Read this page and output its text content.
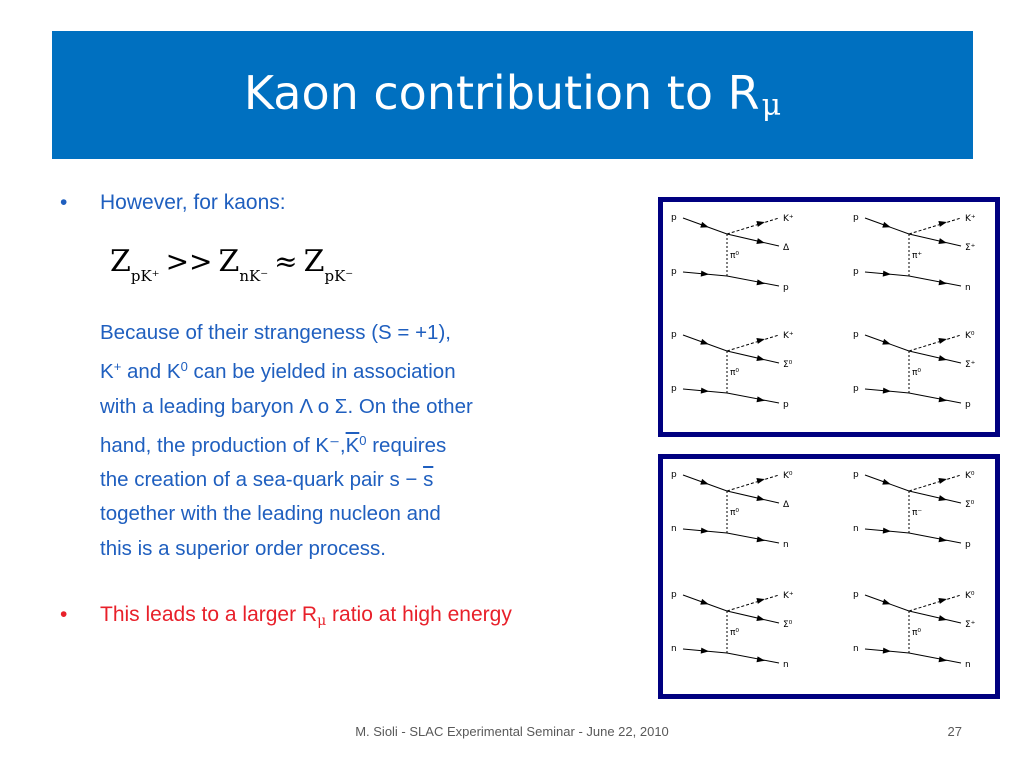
Kaon contribution to $R_\mu$
• However, for kaons:
$Z_{pK^+} >> Z_{nK^-} \approx Z_{pK^-}$
Because of their strangeness (S = +1),
K+ and $K^0$ can be yielded in association
with a leading baryon Λ o Σ. On the other
hand, the production of $K^-,\overline{K}^0$ requires
the creation of a sea-quark pair $s - \overline{s}$
together with the leading nucleon and
this is a superior order process.
• This leads to a larger $R_\mu$ ratio at high energy
p	K⁺
Δ
π⁰
p
p
p	K⁺
Σ⁺
π⁺
p
n
p	K⁺
Σ⁰
π⁰
p
p
p	K⁰
Σ⁺
π⁰
p
p
p	K⁰
Δ
π⁰
n
n
p	K⁰
Σ⁰
π⁻
n
p
p	K⁺
Σ⁰
π⁰
n
n
p	K⁰
Σ⁺
π⁰
n
n
M. Sioli - SLAC Experimental Seminar - June 22, 2010	27
